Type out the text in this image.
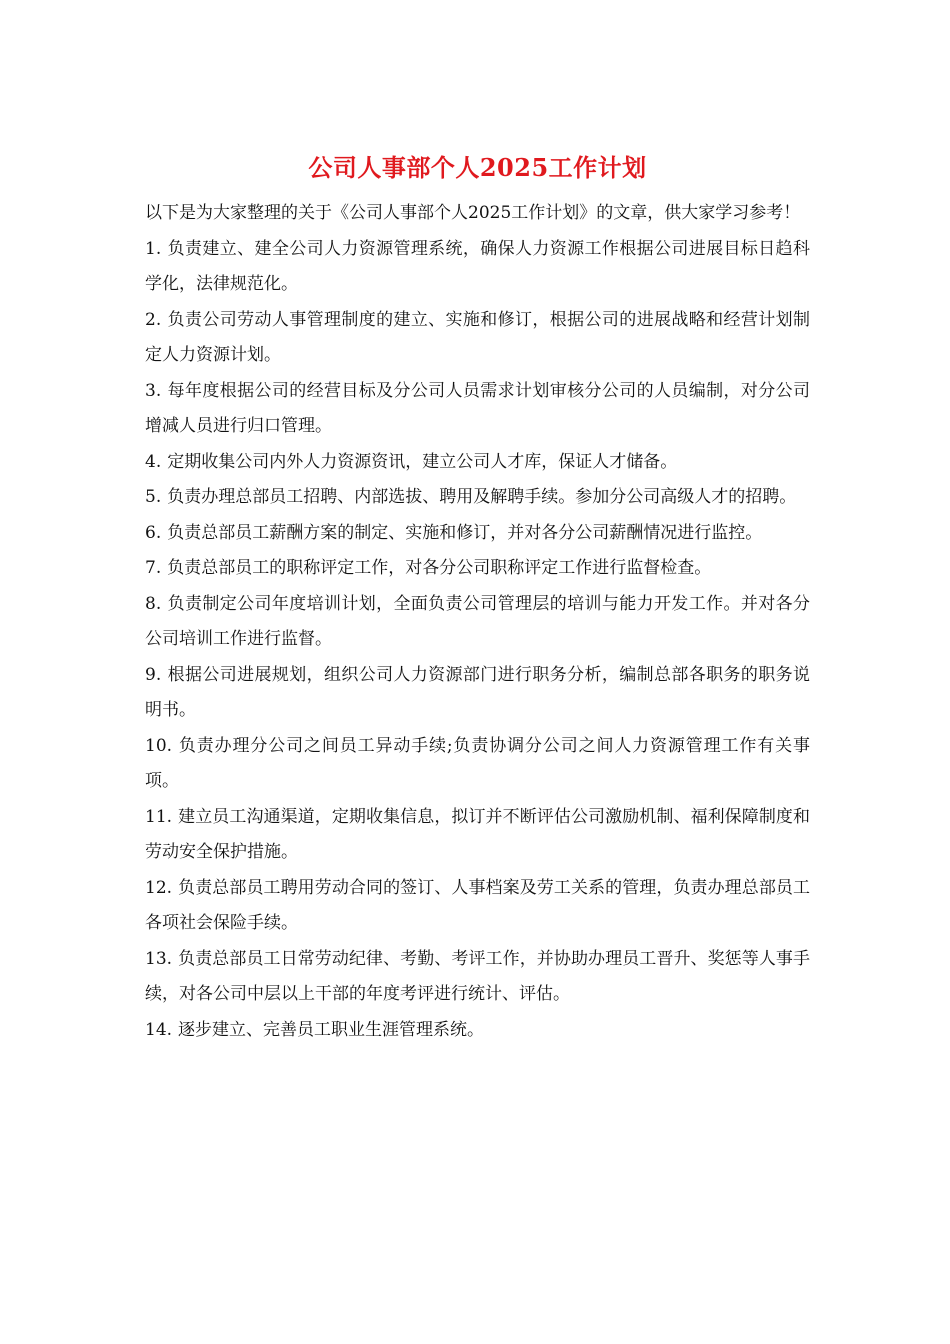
公司人事部个人2025工作计划

以下是为大家整理的关于《公司人事部个人2025工作计划》的文章，供大家学习参考！

1. 负责建立、建全公司人力资源管理系统，确保人力资源工作根据公司进展目标日趋科学化，法律规范化。
2. 负责公司劳动人事管理制度的建立、实施和修订，根据公司的进展战略和经营计划制定人力资源计划。
3. 每年度根据公司的经营目标及分公司人员需求计划审核分公司的人员编制，对分公司增减人员进行归口管理。
4. 定期收集公司内外人力资源资讯，建立公司人才库，保证人才储备。
5. 负责办理总部员工招聘、内部选拔、聘用及解聘手续。参加分公司高级人才的招聘。
6. 负责总部员工薪酬方案的制定、实施和修订，并对各分公司薪酬情况进行监控。
7. 负责总部员工的职称评定工作，对各分公司职称评定工作进行监督检查。
8. 负责制定公司年度培训计划，全面负责公司管理层的培训与能力开发工作。并对各分公司培训工作进行监督。
9. 根据公司进展规划，组织公司人力资源部门进行职务分析，编制总部各职务的职务说明书。
10. 负责办理分公司之间员工异动手续;负责协调分公司之间人力资源管理工作有关事项。
11. 建立员工沟通渠道，定期收集信息，拟订并不断评估公司激励机制、福利保障制度和劳动安全保护措施。
12. 负责总部员工聘用劳动合同的签订、人事档案及劳工关系的管理，负责办理总部员工各项社会保险手续。
13. 负责总部员工日常劳动纪律、考勤、考评工作，并协助办理员工晋升、奖惩等人事手续，对各公司中层以上干部的年度考评进行统计、评估。
14. 逐步建立、完善员工职业生涯管理系统。
